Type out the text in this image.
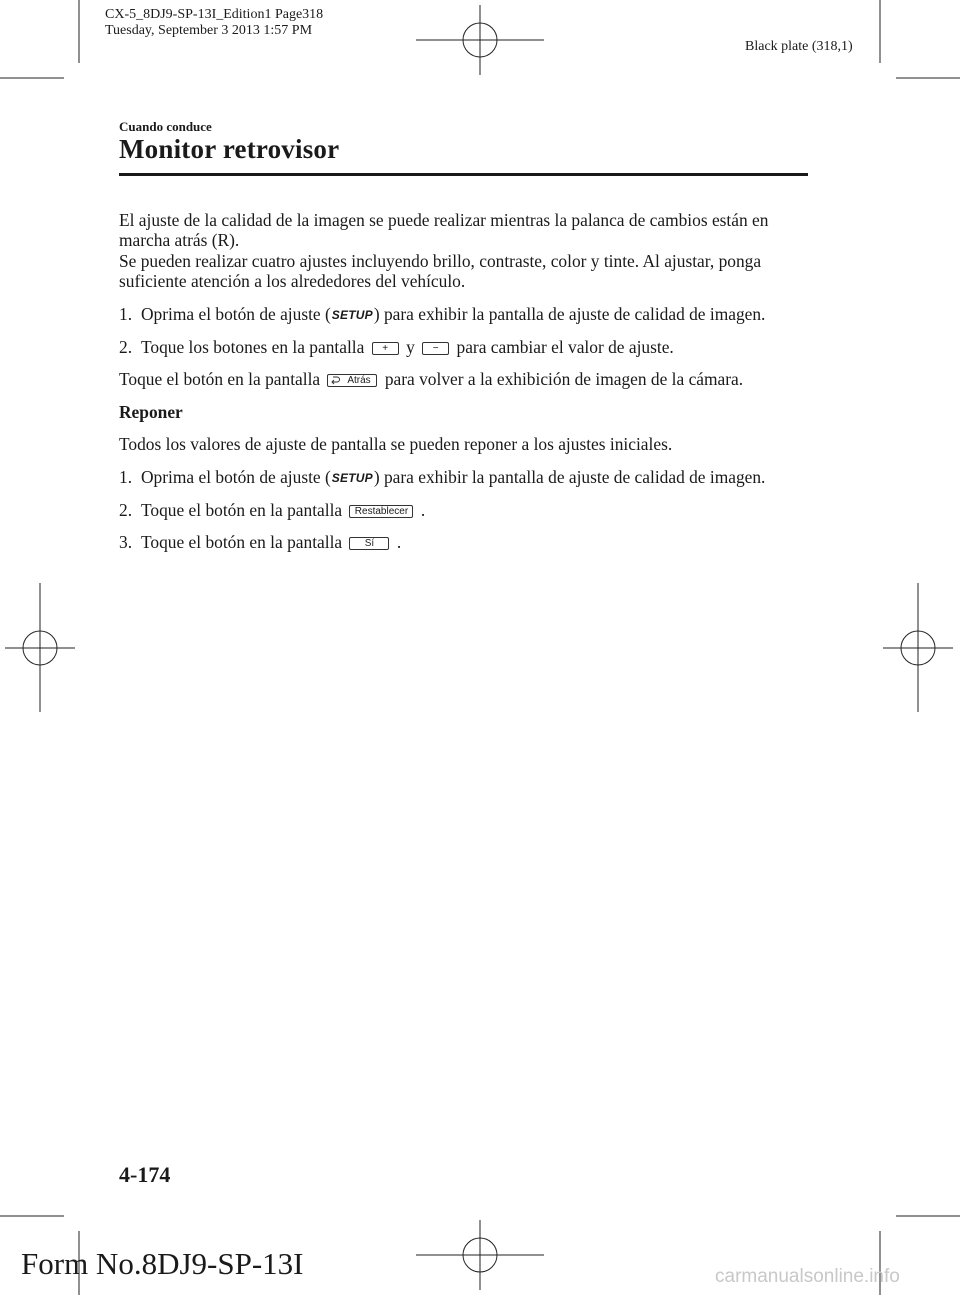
CX-5_8DJ9-SP-13I_Edition1 Page318
Tuesday, September 3 2013 1:57 PM
Black plate (318,1)
Cuando conduce
Monitor retrovisor

El ajuste de la calidad de la imagen se puede realizar mientras la palanca de cambios están en marcha atrás (R).

Se pueden realizar cuatro ajustes incluyendo brillo, contraste, color y tinte. Al ajustar, ponga suficiente atención a los alrededores del vehículo.

1. Oprima el botón de ajuste (SETUP) para exhibir la pantalla de ajuste de calidad de imagen.
2. Toque los botones en la pantalla + y − para cambiar el valor de ajuste.

Toque el botón en la pantalla	Atrás para volver a la exhibición de imagen de la cámara.

Reponer

Todos los valores de ajuste de pantalla se pueden reponer a los ajustes iniciales.

1. Oprima el botón de ajuste (SETUP) para exhibir la pantalla de ajuste de calidad de imagen.
2. Toque el botón en la pantalla Restablecer .
3. Toque el botón en la pantalla Sí .
4-174
Form No.8DJ9-SP-13I	carmanualsonline.info
